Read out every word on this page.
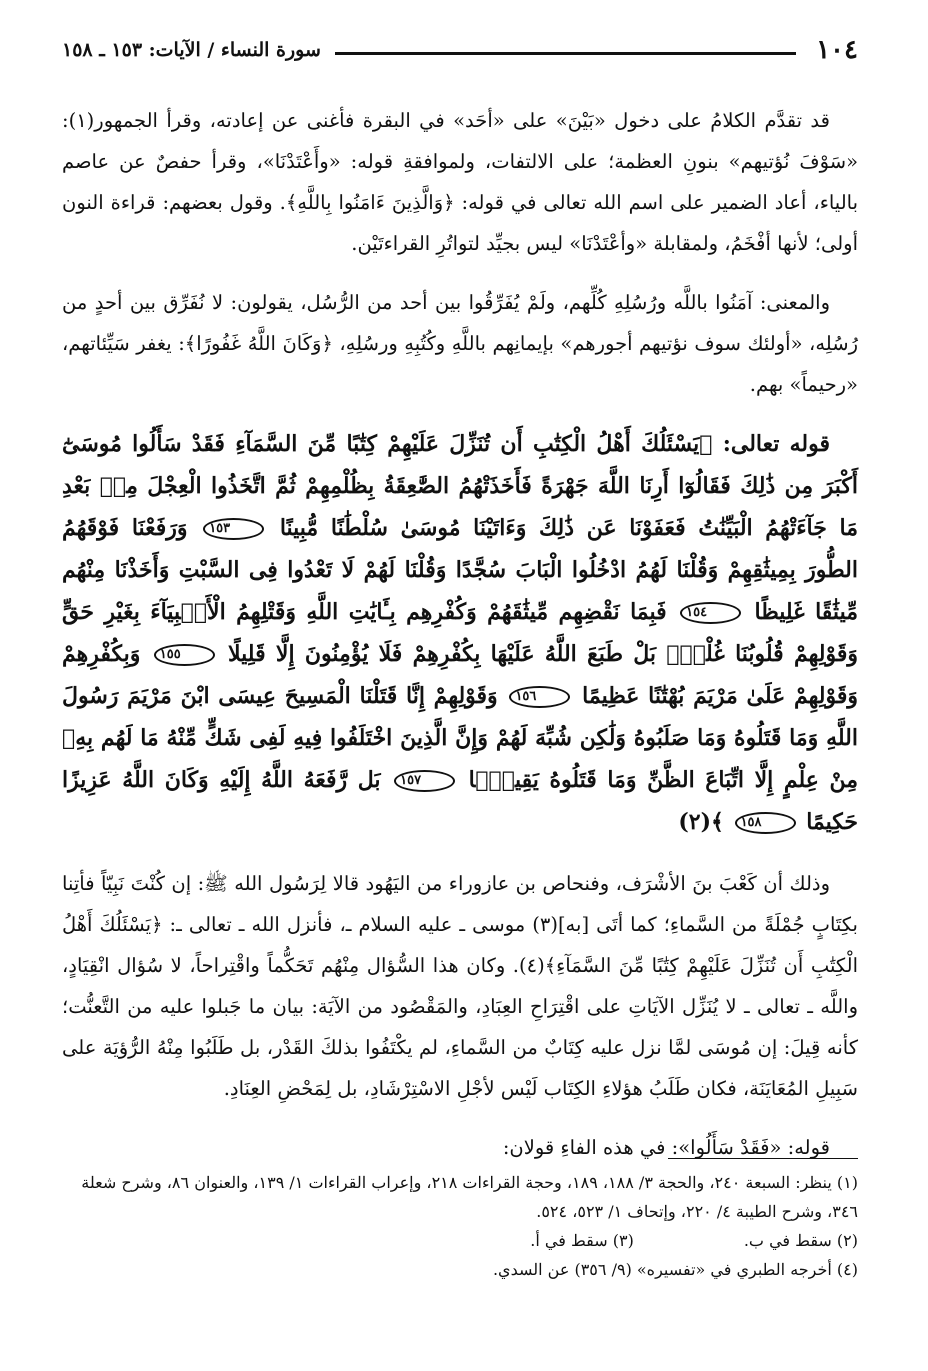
١٠٤
سورة النساء / الآيات: ١٥٣ ـ ١٥٨

قد تقدَّم الكلامُ على دخول «بَيْنَ» على «أحَد» في البقرة فأغنى عن إعادته، وقرأ الجمهور(١): «سَوْفَ نُؤتيهم» بنونِ العظمة؛ على الالتفات، ولموافقةِ قوله: «وأَعْتَدْنَا»، وقرأ حفصٌ عن عاصم بالياء، أعاد الضمير على اسم الله تعالى في قوله: ﴿وَالَّذِينَ ءَامَنُوا بِاللَّهِ﴾. وقول بعضهم: قراءة النون أولى؛ لأنها أفْخَمُ، ولمقابلة «وأعْتَدْنَا» ليس بجيِّد لتواتُرِ القراءتَيْن.

والمعنى: آمَنُوا باللَّه ورُسُلِهِ كُلِّهم، ولَمْ يُفَرِّقُوا بين أحد من الرُّسُل، يقولون: لا نُفَرِّق بين أحدٍ من رُسُلِه، «أولئك سوف نؤتيهم أجورهم» بإيمانِهم باللَّهِ وكُتُبِهِ ورسُلِهِ، ﴿وَكَانَ اللَّهُ غَفُورًا﴾: يغفر سَيِّئاتهم، «رحيماً» بهم.

قوله تعالى: ﴿يَسْئَلُكَ أَهْلُ الْكِتَٰبِ أَن تُنَزِّلَ عَلَيْهِمْ كِتَٰبًا مِّنَ السَّمَآءِ فَقَدْ سَأَلُوا مُوسَىٰٓ أَكْبَرَ مِن ذَٰلِكَ فَقَالُوٓا أَرِنَا اللَّهَ جَهْرَةً فَأَخَذَتْهُمُ الصَّٰعِقَةُ بِظُلْمِهِمْ ثُمَّ اتَّخَذُوا الْعِجْلَ مِنۢ بَعْدِ مَا جَآءَتْهُمُ الْبَيِّنَٰتُ فَعَفَوْنَا عَن ذَٰلِكَ وَءَاتَيْنَا مُوسَىٰ سُلْطَٰنًا مُّبِينًا ١٥٣ وَرَفَعْنَا فَوْقَهُمُ الطُّورَ بِمِيثَٰقِهِمْ وَقُلْنَا لَهُمُ ادْخُلُوا الْبَابَ سُجَّدًا وَقُلْنَا لَهُمْ لَا تَعْدُوا فِى السَّبْتِ وَأَخَذْنَا مِنْهُم مِّيثَٰقًا غَلِيظًا ١٥٤ فَبِمَا نَقْضِهِم مِّيثَٰقَهُمْ وَكُفْرِهِم بِـَٔايَٰتِ اللَّهِ وَقَتْلِهِمُ الْأَنۢبِيَآءَ بِغَيْرِ حَقٍّ وَقَوْلِهِمْ قُلُوبُنَا غُلْفٌۢ بَلْ طَبَعَ اللَّهُ عَلَيْهَا بِكُفْرِهِمْ فَلَا يُؤْمِنُونَ إِلَّا قَلِيلًا ١٥٥ وَبِكُفْرِهِمْ وَقَوْلِهِمْ عَلَىٰ مَرْيَمَ بُهْتَٰنًا عَظِيمًا ١٥٦ وَقَوْلِهِمْ إِنَّا قَتَلْنَا الْمَسِيحَ عِيسَى ابْنَ مَرْيَمَ رَسُولَ اللَّهِ وَمَا قَتَلُوهُ وَمَا صَلَبُوهُ وَلَٰكِن شُبِّهَ لَهُمْ وَإِنَّ الَّذِينَ اخْتَلَفُوا فِيهِ لَفِى شَكٍّ مِّنْهُ مَا لَهُم بِهِۦ مِنْ عِلْمٍ إِلَّا اتِّبَاعَ الظَّنِّ وَمَا قَتَلُوهُ يَقِينًۢا ١٥٧ بَل رَّفَعَهُ اللَّهُ إِلَيْهِ وَكَانَ اللَّهُ عَزِيزًا حَكِيمًا ١٥٨ ﴾(٢)

وذلك أن كَعْبَ بنَ الأشْرَف، وفنحاص بن عازوراء من اليَهُود قالا لِرَسُول الله ﷺ: إن كُنْتَ نَبِيّاً فأتِنا بكِتَابٍ جُمْلَةً من السَّماءِ؛ كما أتَى [به](٣) موسى ـ عليه السلام ـ، فأنزل الله ـ تعالى ـ: ﴿يَسْئَلُكَ أَهْلُ الْكِتَٰبِ أَن تُنَزِّلَ عَلَيْهِمْ كِتَٰبًا مِّنَ السَّمَآءِ﴾(٤). وكان هذا السُّؤال مِنْهُم تَحَكُّماً واقْتِراحاً، لا سُؤال انْقِيَادٍ، واللَّه ـ تعالى ـ لا يُنَزِّل الآيَاتِ على اقْتِرَاحِ العِبَادِ، والمَقْصُود من الآيَة: بيان ما جَبلوا عليه من التَّعنُّت؛ كأنه قِيلَ: إن مُوسَى لمَّا نزل عليه كِتَابٌ من السَّماءِ، لم يكْتَفُوا بذلكَ القَدْر، بل طَلَبُوا مِنْهُ الرُّؤيَة على سَبِيلِ المُعَايَنَة، فكان طَلَبُ هؤلاءِ الكِتَاب لَيْس لأجْلِ الاسْتِرْشَادِ، بل لِمَحْضِ العِنَادِ.

قوله: «فَقَدْ سَأَلُوا»: في هذه الفاءِ قولان:

(١) ينظر: السبعة ٢٤٠، والحجة ٣/ ١٨٨، ١٨٩، وحجة القراءات ٢١٨، وإعراب القراءات ١/ ١٣٩، والعنوان ٨٦، وشرح شعلة ٣٤٦، وشرح الطيبة ٤/ ٢٢٠، وإتحاف ١/ ٥٢٣، ٥٢٤.

(٢) سقط في ب.
(٣) سقط في أ.

(٤) أخرجه الطبري في «تفسيره» (٩/ ٣٥٦) عن السدي.
